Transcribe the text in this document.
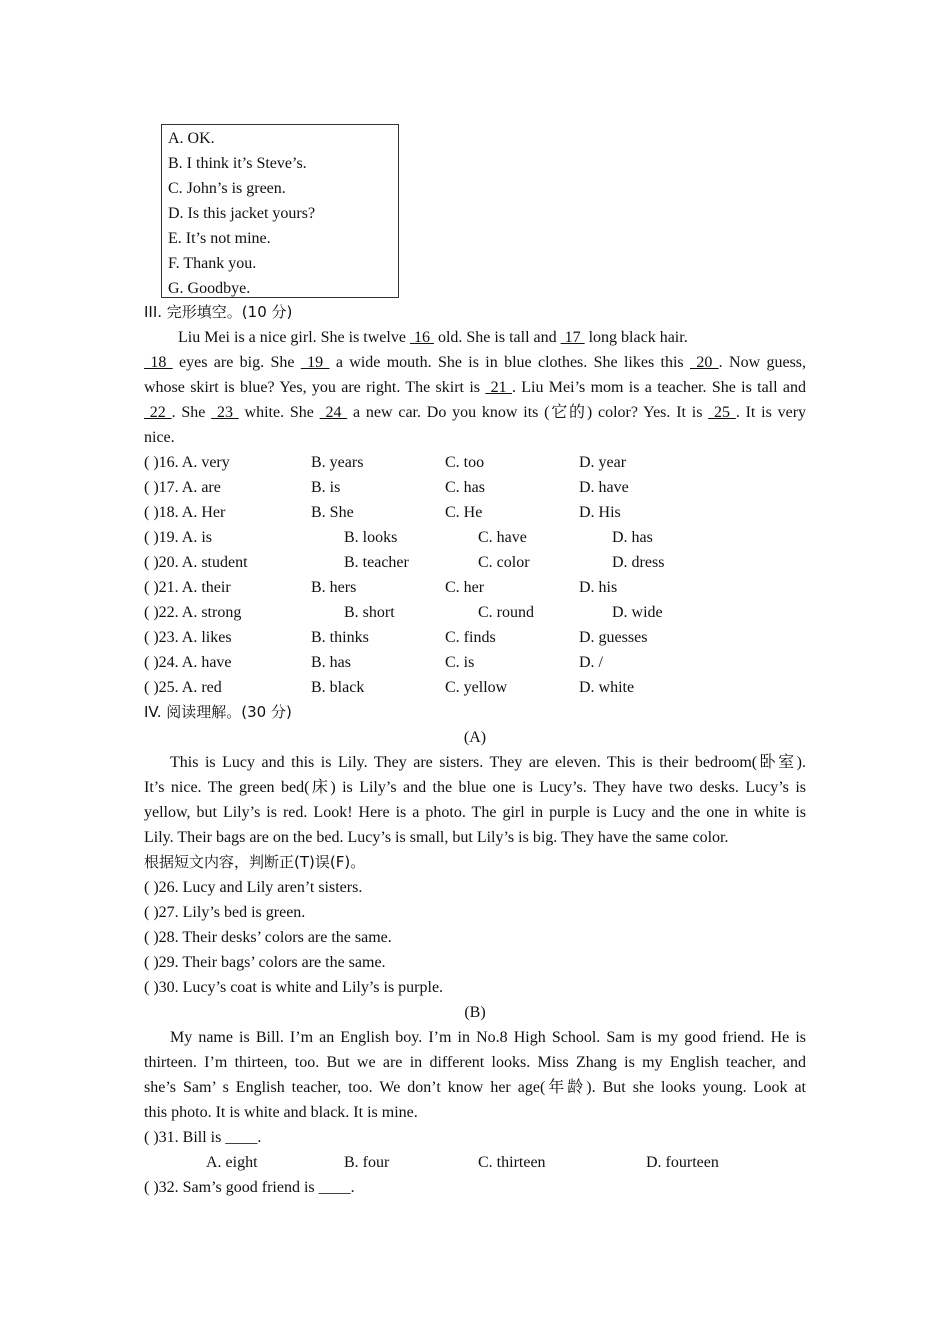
A. OK.
B. I think it’s Steve’s.
C. John’s is green.
D. Is this jacket yours?
E. It’s not mine.
F. Thank you.
G. Goodbye.
III. 完形填空。(10 分)
Liu Mei is a nice girl. She is twelve  16  old. She is tall and  17  long black hair.
18  eyes are big. She  19  a wide mouth. She is in blue clothes. She likes this  20 . Now guess,
whose skirt is blue? Yes, you are right. The skirt is  21 . Liu Mei’s mom is a teacher. She is tall and
22 . She  23  white. She  24  a new car. Do you know its (它的) color? Yes. It is  25 . It is very
nice.
( )16. A. very	B. years	C. too	D. year
( )17. A. are	B. is	C. has	D. have
( )18. A. Her	B. She	C. He	D. His
( )19. A. is	B. looks	C. have	D. has
( )20. A. student	B. teacher	C. color	D. dress
( )21. A. their	B. hers	C. her	D. his
( )22. A. strong	B. short	C. round	D. wide
( )23. A. likes	B. thinks	C. finds	D. guesses
( )24. A. have	B. has	C. is	D. /
( )25. A. red	B. black	C. yellow	D. white
IV. 阅读理解。(30 分)
(A)
This is Lucy and this is Lily. They are sisters. They are eleven. This is their bedroom(卧室).
It’s nice. The green bed(床) is Lily’s and the blue one is Lucy’s. They have two desks. Lucy’s is
yellow, but Lily’s is red. Look! Here is a photo. The girl in purple is Lucy and the one in white is
Lily. Their bags are on the bed. Lucy’s is small, but Lily’s is big. They have the same color.
根据短文内容，判断正(T)误(F)。
( )26. Lucy and Lily aren’t sisters.
( )27. Lily’s bed is green.
( )28. Their desks’ colors are the same.
( )29. Their bags’ colors are the same.
( )30. Lucy’s coat is white and Lily’s is purple.
(B)
My name is Bill. I’m an English boy. I’m in No.8 High School. Sam is my good friend. He is
thirteen. I’m thirteen, too. But we are in different looks. Miss Zhang is my English teacher, and
she’s Sam’ s English teacher, too. We don’t know her age(年龄). But she looks young. Look at
this photo. It is white and black. It is mine.
( )31. Bill is ____.
A. eight	B. four	C. thirteen	D. fourteen
( )32. Sam’s good friend is ____.
